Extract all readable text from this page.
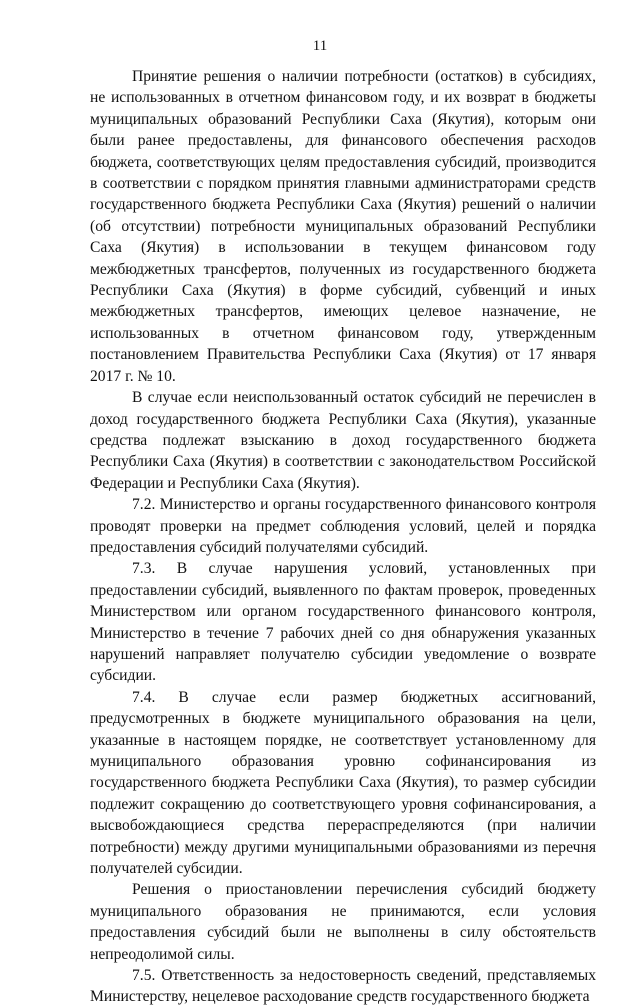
11

Принятие решения о наличии потребности (остатков) в субсидиях, не использованных в отчетном финансовом году, и их возврат в бюджеты муниципальных образований Республики Саха (Якутия), которым они были ранее предоставлены, для финансового обеспечения расходов бюджета, соответствующих целям предоставления субсидий, производится в соответствии с порядком принятия главными администраторами средств государственного бюджета Республики Саха (Якутия) решений о наличии (об отсутствии) потребности муниципальных образований Республики Саха (Якутия) в использовании в текущем финансовом году межбюджетных трансфертов, полученных из государственного бюджета Республики Саха (Якутия) в форме субсидий, субвенций и иных межбюджетных трансфертов, имеющих целевое назначение, не использованных в отчетном финансовом году, утвержденным постановлением Правительства Республики Саха (Якутия) от 17 января 2017 г. № 10.

В случае если неиспользованный остаток субсидий не перечислен в доход государственного бюджета Республики Саха (Якутия), указанные средства подлежат взысканию в доход государственного бюджета Республики Саха (Якутия) в соответствии с законодательством Российской Федерации и Республики Саха (Якутия).

7.2. Министерство и органы государственного финансового контроля проводят проверки на предмет соблюдения условий, целей и порядка предоставления субсидий получателями субсидий.

7.3. В случае нарушения условий, установленных при предоставлении субсидий, выявленного по фактам проверок, проведенных Министерством или органом государственного финансового контроля, Министерство в течение 7 рабочих дней со дня обнаружения указанных нарушений направляет получателю субсидии уведомление о возврате субсидии.

7.4. В случае если размер бюджетных ассигнований, предусмотренных в бюджете муниципального образования на цели, указанные в настоящем порядке, не соответствует установленному для муниципального образования уровню софинансирования из государственного бюджета Республики Саха (Якутия), то размер субсидии подлежит сокращению до соответствующего уровня софинансирования, а высвобождающиеся средства перераспределяются (при наличии потребности) между другими муниципальными образованиями из перечня получателей субсидии.

Решения о приостановлении перечисления субсидий бюджету муниципального образования не принимаются, если условия предоставления субсидий были не выполнены в силу обстоятельств непреодолимой силы.

7.5. Ответственность за недостоверность сведений, представляемых Министерству, нецелевое расходование средств государственного бюджета
